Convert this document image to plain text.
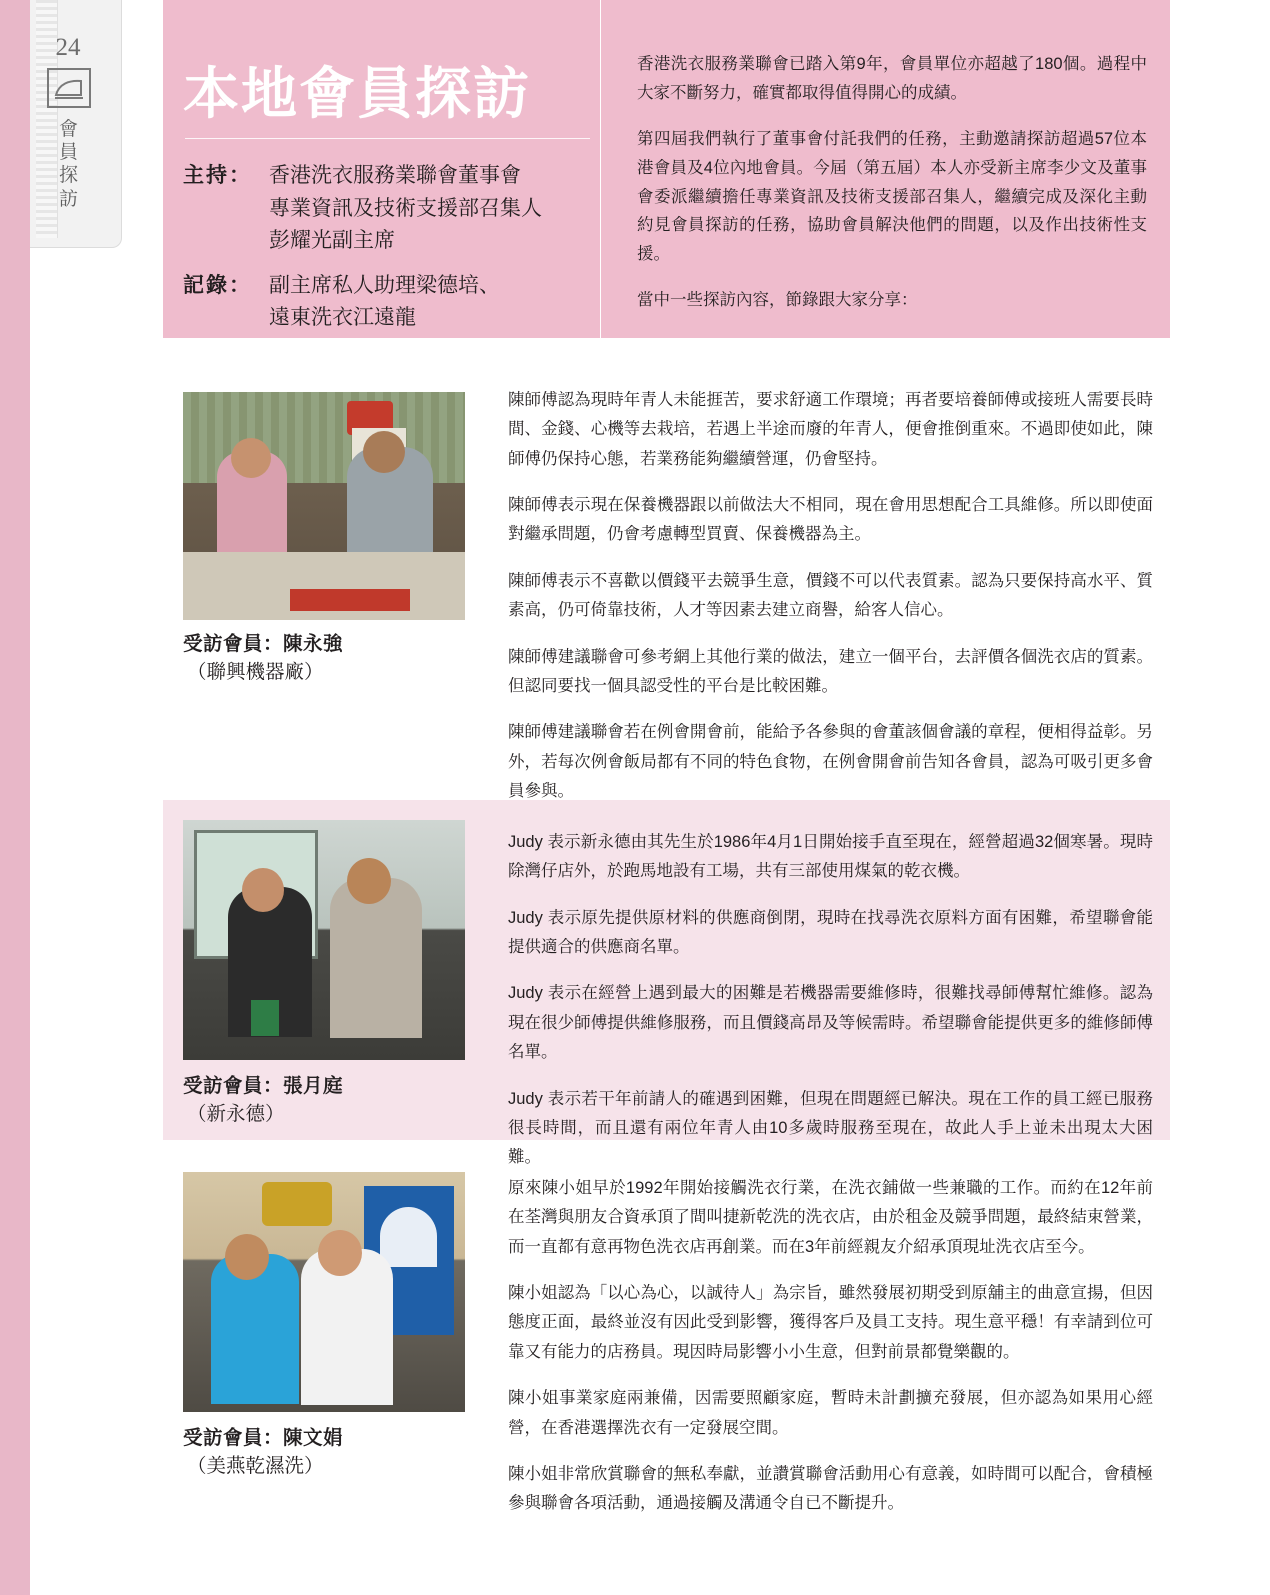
24
會員
探訪
本地會員探訪
主持： 香港洗衣服務業聯會董事會
專業資訊及技術支援部召集人
彭耀光副主席
記錄： 副主席私人助理梁德培、
遠東洗衣江遠龍

香港洗衣服務業聯會已踏入第9年，會員單位亦超越了180個。過程中大家不斷努力，確實都取得值得開心的成績。

第四屆我們執行了董事會付託我們的任務，主動邀請探訪超過57位本港會員及4位內地會員。今屆（第五屆）本人亦受新主席李少文及董事會委派繼續擔任專業資訊及技術支援部召集人，繼續完成及深化主動約見會員探訪的任務，協助會員解決他們的問題，以及作出技術性支援。

當中一些探訪內容，節錄跟大家分享：

受訪會員：陳永強
（聯興機器廠）

陳師傅認為現時年青人未能捱苦，要求舒適工作環境；再者要培養師傅或接班人需要長時間、金錢、心機等去栽培，若遇上半途而廢的年青人，便會推倒重來。不過即使如此，陳師傅仍保持心態，若業務能夠繼續營運，仍會堅持。

陳師傅表示現在保養機器跟以前做法大不相同，現在會用思想配合工具維修。所以即使面對繼承問題，仍會考慮轉型買賣、保養機器為主。

陳師傅表示不喜歡以價錢平去競爭生意，價錢不可以代表質素。認為只要保持高水平、質素高，仍可倚靠技術，人才等因素去建立商譽，給客人信心。

陳師傅建議聯會可參考網上其他行業的做法，建立一個平台，去評價各個洗衣店的質素。但認同要找一個具認受性的平台是比較困難。

陳師傅建議聯會若在例會開會前，能給予各參與的會董該個會議的章程，便相得益彰。另外，若每次例會飯局都有不同的特色食物，在例會開會前告知各會員，認為可吸引更多會員參與。

受訪會員：張月庭
（新永德）

Judy 表示新永德由其先生於1986年4月1日開始接手直至現在，經營超過32個寒暑。現時除灣仔店外，於跑馬地設有工場，共有三部使用煤氣的乾衣機。

Judy 表示原先提供原材料的供應商倒閉，現時在找尋洗衣原料方面有困難，希望聯會能提供適合的供應商名單。

Judy 表示在經營上遇到最大的困難是若機器需要維修時，很難找尋師傅幫忙維修。認為現在很少師傅提供維修服務，而且價錢高昂及等候需時。希望聯會能提供更多的維修師傅名單。

Judy 表示若干年前請人的確遇到困難，但現在問題經已解決。現在工作的員工經已服務很長時間，而且還有兩位年青人由10多歲時服務至現在，故此人手上並未出現太大困難。

受訪會員：陳文娟
（美燕乾濕洗）

原來陳小姐早於1992年開始接觸洗衣行業，在洗衣鋪做一些兼職的工作。而約在12年前在荃灣與朋友合資承頂了間叫捷新乾洗的洗衣店，由於租金及競爭問題，最終結束營業，而一直都有意再物色洗衣店再創業。而在3年前經親友介紹承頂現址洗衣店至今。

陳小姐認為「以心為心，以誠待人」為宗旨，雖然發展初期受到原舖主的曲意宣揚，但因態度正面，最終並沒有因此受到影響，獲得客戶及員工支持。現生意平穩！有幸請到位可靠又有能力的店務員。現因時局影響小小生意，但對前景都覺樂觀的。

陳小姐事業家庭兩兼備，因需要照顧家庭，暫時未計劃擴充發展，但亦認為如果用心經營，在香港選擇洗衣有一定發展空間。

陳小姐非常欣賞聯會的無私奉獻，並讚賞聯會活動用心有意義，如時間可以配合，會積極參與聯會各項活動，通過接觸及溝通令自已不斷提升。
